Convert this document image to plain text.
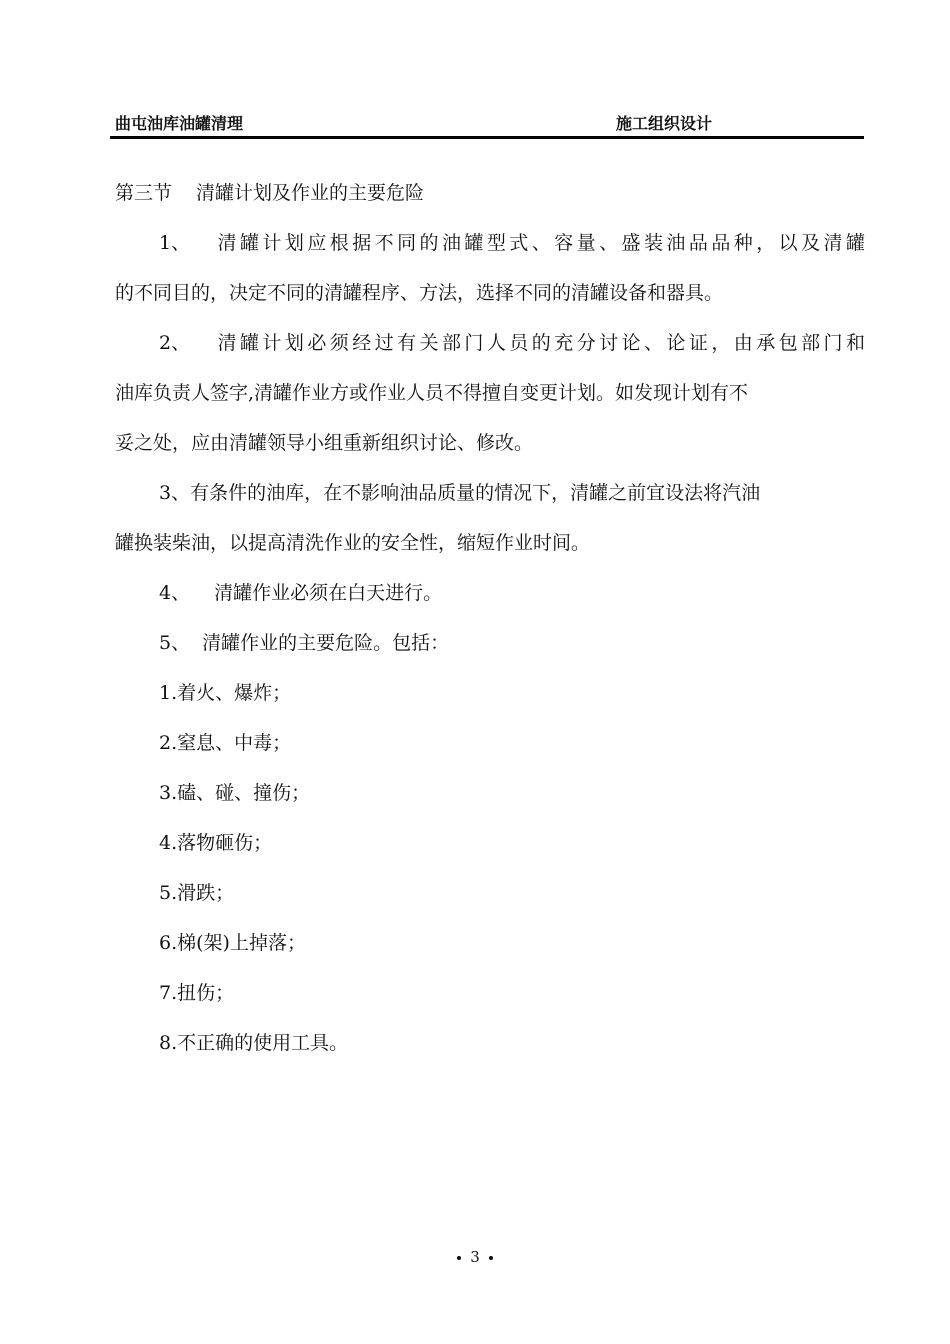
曲屯油库油罐清理	施工组织设计

第三节 清罐计划及作业的主要危险

1、 清罐计划应根据不同的油罐型式、容量、盛装油品品种，以及清罐

的不同目的，决定不同的清罐程序、方法，选择不同的清罐设备和器具。

2、 清罐计划必须经过有关部门人员的充分讨论、论证，由承包部门和

油库负责人签字,清罐作业方或作业人员不得擅自变更计划。如发现计划有不

妥之处，应由清罐领导小组重新组织讨论、修改。

3、有条件的油库，在不影响油品质量的情况下，清罐之前宜设法将汽油

罐换装柴油，以提高清洗作业的安全性，缩短作业时间。

4、 清罐作业必须在白天进行。

5、 清罐作业的主要危险。包括：

1.着火、爆炸；

2.窒息、中毒；

3.磕、碰、撞伤；

4.落物砸伤；

5.滑跌；

6.梯(架)上掉落；

7.扭伤；

8.不正确的使用工具。

3
